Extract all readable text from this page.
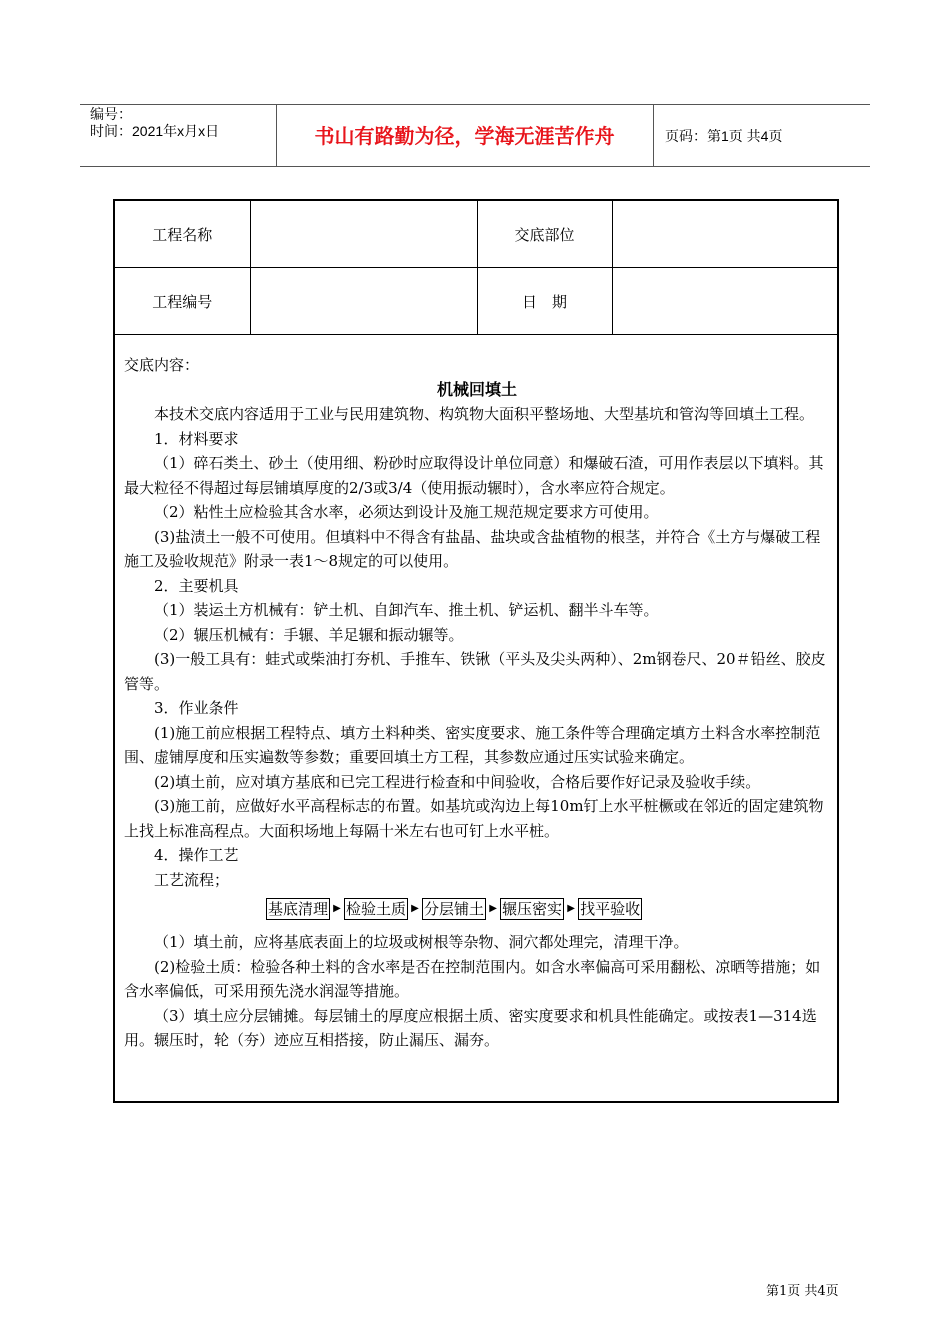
编号：
时间：2021年x月x日	书山有路勤为径，学海无涯苦作舟	页码：第1页 共4页
工程名称		交底部位	
工程编号		日　期	

交底内容：

机械回填土

本技术交底内容适用于工业与民用建筑物、构筑物大面积平整场地、大型基坑和管沟等回填土工程。

1．材料要求

（1）碎石类土、砂土（使用细、粉砂时应取得设计单位同意）和爆破石渣，可用作表层以下填料。其最大粒径不得超过每层铺填厚度的2/3或3/4（使用振动辗时），含水率应符合规定。

（2）粘性土应检验其含水率，必须达到设计及施工规范规定要求方可使用。

(3)盐渍土一般不可使用。但填料中不得含有盐晶、盐块或含盐植物的根茎，并符合《土方与爆破工程施工及验收规范》附录一表1～8规定的可以使用。

2．主要机具

（1）装运土方机械有：铲土机、自卸汽车、推土机、铲运机、翻半斗车等。

（2）辗压机械有：手辗、羊足辗和振动辗等。

(3)一般工具有：蛙式或柴油打夯机、手推车、铁锹（平头及尖头两种）、2m钢卷尺、20＃铅丝、胶皮管等。

3．作业条件

(1)施工前应根据工程特点、填方土料种类、密实度要求、施工条件等合理确定填方土料含水率控制范围、虚铺厚度和压实遍数等参数；重要回填土方工程，其参数应通过压实试验来确定。

(2)填土前，应对填方基底和已完工程进行检查和中间验收，合格后要作好记录及验收手续。

(3)施工前，应做好水平高程标志的布置。如基坑或沟边上每10m钉上水平桩橛或在邻近的固定建筑物上找上标准高程点。大面积场地上每隔十米左右也可钉上水平桩。

4．操作工艺

工艺流程；

基底清理 ▶ 检验土质 ▶ 分层铺土 ▶ 辗压密实 ▶ 找平验收

（1）填土前，应将基底表面上的垃圾或树根等杂物、洞穴都处理完，清理干净。

(2)检验土质：检验各种土料的含水率是否在控制范围内。如含水率偏高可采用翻松、凉晒等措施；如含水率偏低，可采用预先浇水润湿等措施。

（3）填土应分层铺摊。每层铺土的厚度应根据土质、密实度要求和机具性能确定。或按表1—314选用。辗压时，轮（夯）迹应互相搭接，防止漏压、漏夯。

第1页 共4页
